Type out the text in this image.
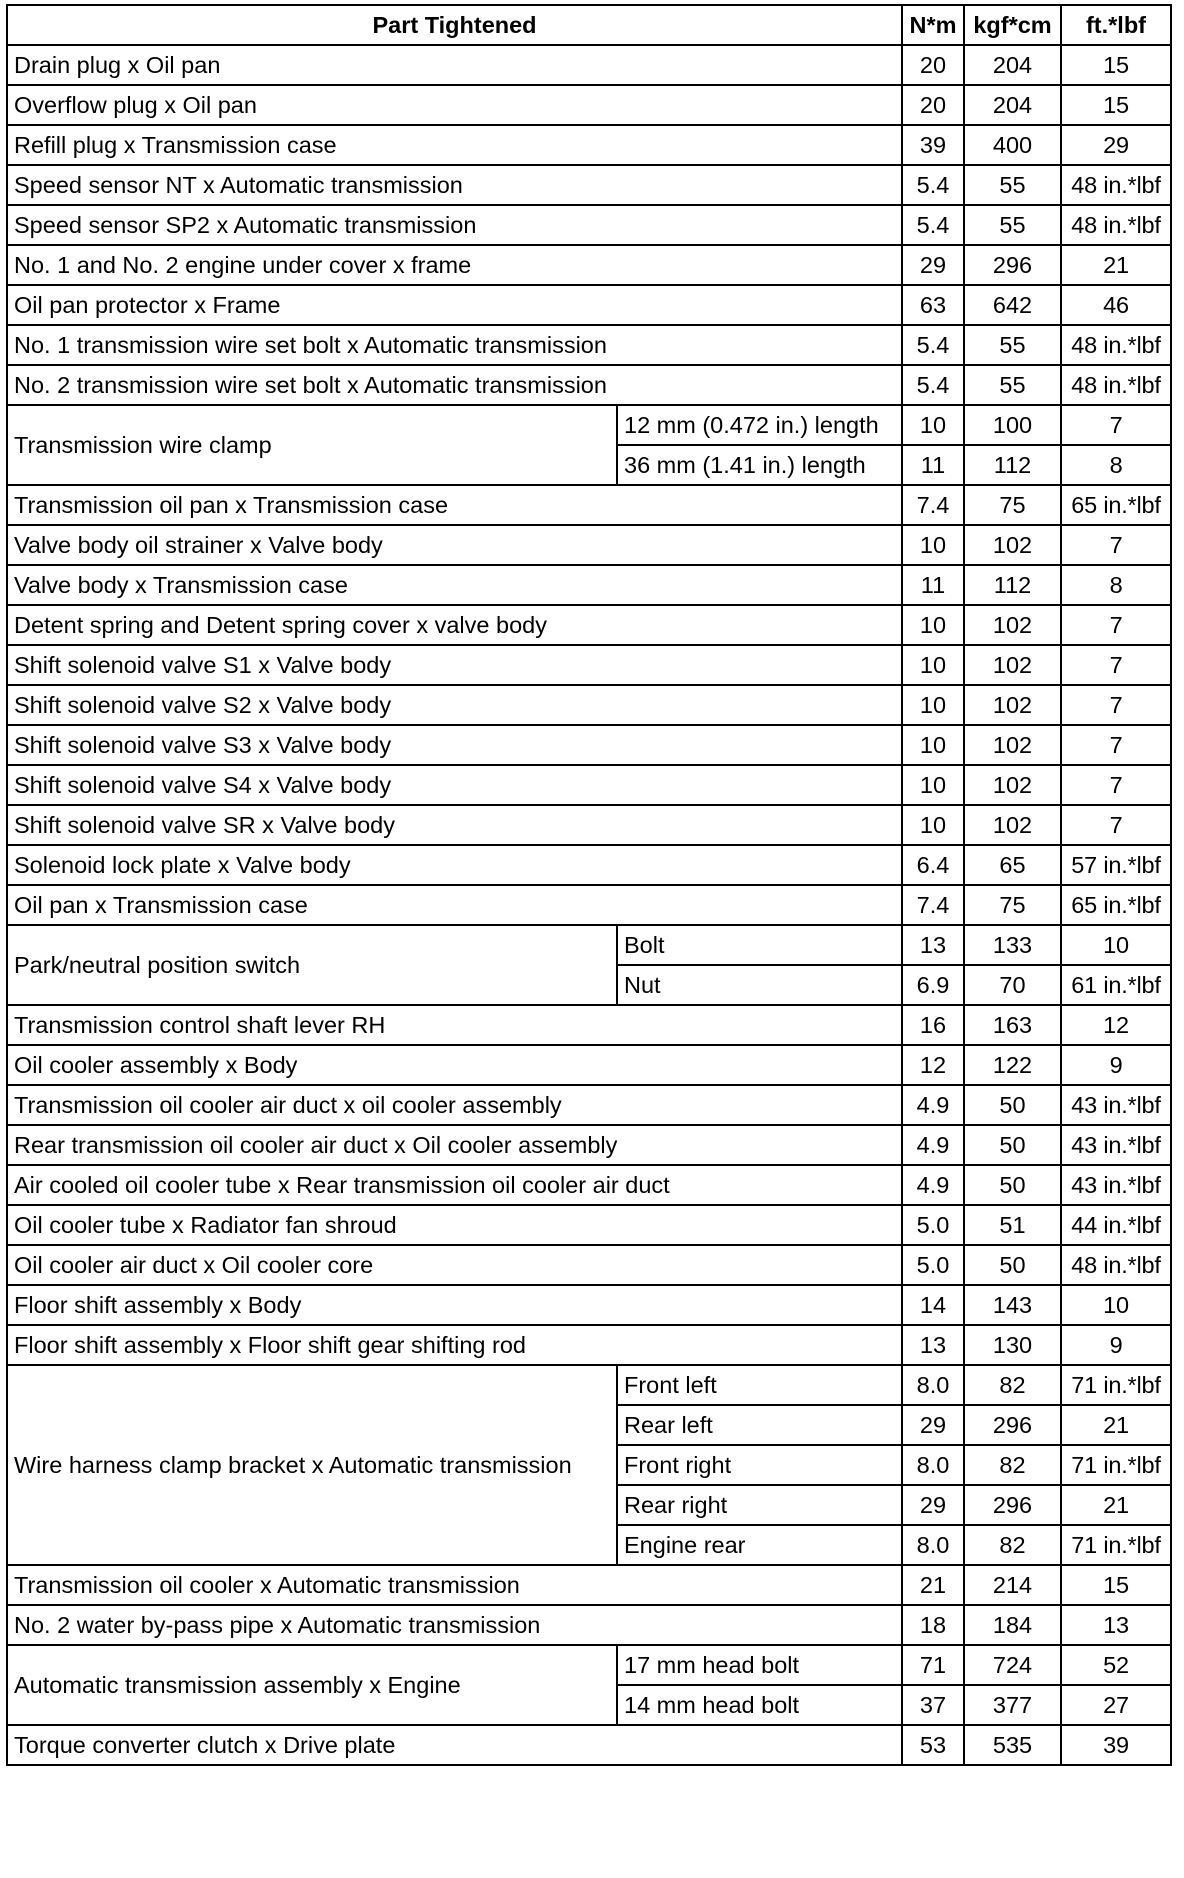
Part Tightened		N*m	kgf*cm	ft.*lbf
Drain plug x Oil pan		20	204	15
Overflow plug x Oil pan		20	204	15
Refill plug x Transmission case		39	400	29
Speed sensor NT x Automatic transmission		5.4	55	48 in.*lbf
Speed sensor SP2 x Automatic transmission		5.4	55	48 in.*lbf
No. 1 and No. 2 engine under cover x frame		29	296	21
Oil pan protector x Frame		63	642	46
No. 1 transmission wire set bolt x Automatic transmission		5.4	55	48 in.*lbf
No. 2 transmission wire set bolt x Automatic transmission		5.4	55	48 in.*lbf
Transmission wire clamp	12 mm (0.472 in.) length	10	100	7
	36 mm (1.41 in.) length	11	112	8
Transmission oil pan x Transmission case		7.4	75	65 in.*lbf
Valve body oil strainer x Valve body		10	102	7
Valve body x Transmission case		11	112	8
Detent spring and Detent spring cover x valve body		10	102	7
Shift solenoid valve S1 x Valve body		10	102	7
Shift solenoid valve S2 x Valve body		10	102	7
Shift solenoid valve S3 x Valve body		10	102	7
Shift solenoid valve S4 x Valve body		10	102	7
Shift solenoid valve SR x Valve body		10	102	7
Solenoid lock plate x Valve body		6.4	65	57 in.*lbf
Oil pan x Transmission case		7.4	75	65 in.*lbf
Park/neutral position switch	Bolt	13	133	10
	Nut	6.9	70	61 in.*lbf
Transmission control shaft lever RH		16	163	12
Oil cooler assembly x Body		12	122	9
Transmission oil cooler air duct x oil cooler assembly		4.9	50	43 in.*lbf
Rear transmission oil cooler air duct x Oil cooler assembly		4.9	50	43 in.*lbf
Air cooled oil cooler tube x Rear transmission oil cooler air duct		4.9	50	43 in.*lbf
Oil cooler tube x Radiator fan shroud		5.0	51	44 in.*lbf
Oil cooler air duct x Oil cooler core		5.0	50	48 in.*lbf
Floor shift assembly x Body		14	143	10
Floor shift assembly x Floor shift gear shifting rod		13	130	9
Wire harness clamp bracket x Automatic transmission	Front left	8.0	82	71 in.*lbf
	Rear left	29	296	21
	Front right	8.0	82	71 in.*lbf
	Rear right	29	296	21
	Engine rear	8.0	82	71 in.*lbf
Transmission oil cooler x Automatic transmission		21	214	15
No. 2 water by-pass pipe x Automatic transmission		18	184	13
Automatic transmission assembly x Engine	17 mm head bolt	71	724	52
	14 mm head bolt	37	377	27
Torque converter clutch x Drive plate		53	535	39
